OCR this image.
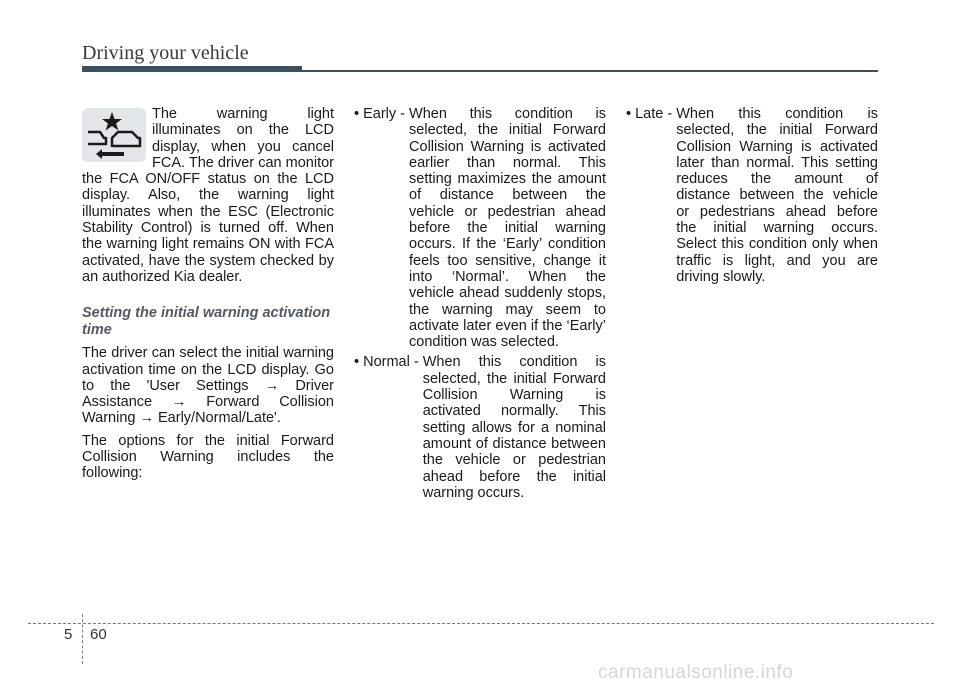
Driving your vehicle

The warning light illuminates on the LCD display, when you cancel FCA. The driver can monitor the FCA ON/OFF status on the LCD display. Also, the warning light illuminates when the ESC (Electronic Stability Control) is turned off. When the warning light remains ON with FCA activated, have the system checked by an authorized Kia dealer.

Setting the initial warning activation time

The driver can select the initial warning activation time on the LCD display. Go to the 'User Settings → Driver Assistance → Forward Collision Warning → Early/Normal/Late'.

The options for the initial Forward Collision Warning includes the following:

• Early - When this condition is selected, the initial Forward Collision Warning is activated earlier than normal. This setting maximizes the amount of distance between the vehicle or pedestrian ahead before the initial warning occurs. If the ‘Early’ condition feels too sensitive, change it into ‘Normal’. When the vehicle ahead suddenly stops, the warning may seem to activate later even if the ‘Early’ condition was selected.
• Normal - When this condition is selected, the initial Forward Collision Warning is activated normally. This setting allows for a nominal amount of distance between the vehicle or pedestrian ahead before the initial warning occurs.
• Late - When this condition is selected, the initial Forward Collision Warning is activated later than normal. This setting reduces the amount of distance between the vehicle or pedestrians ahead before the initial warning occurs. Select this condition only when traffic is light, and you are driving slowly.
5 60
carmanualsonline.info
